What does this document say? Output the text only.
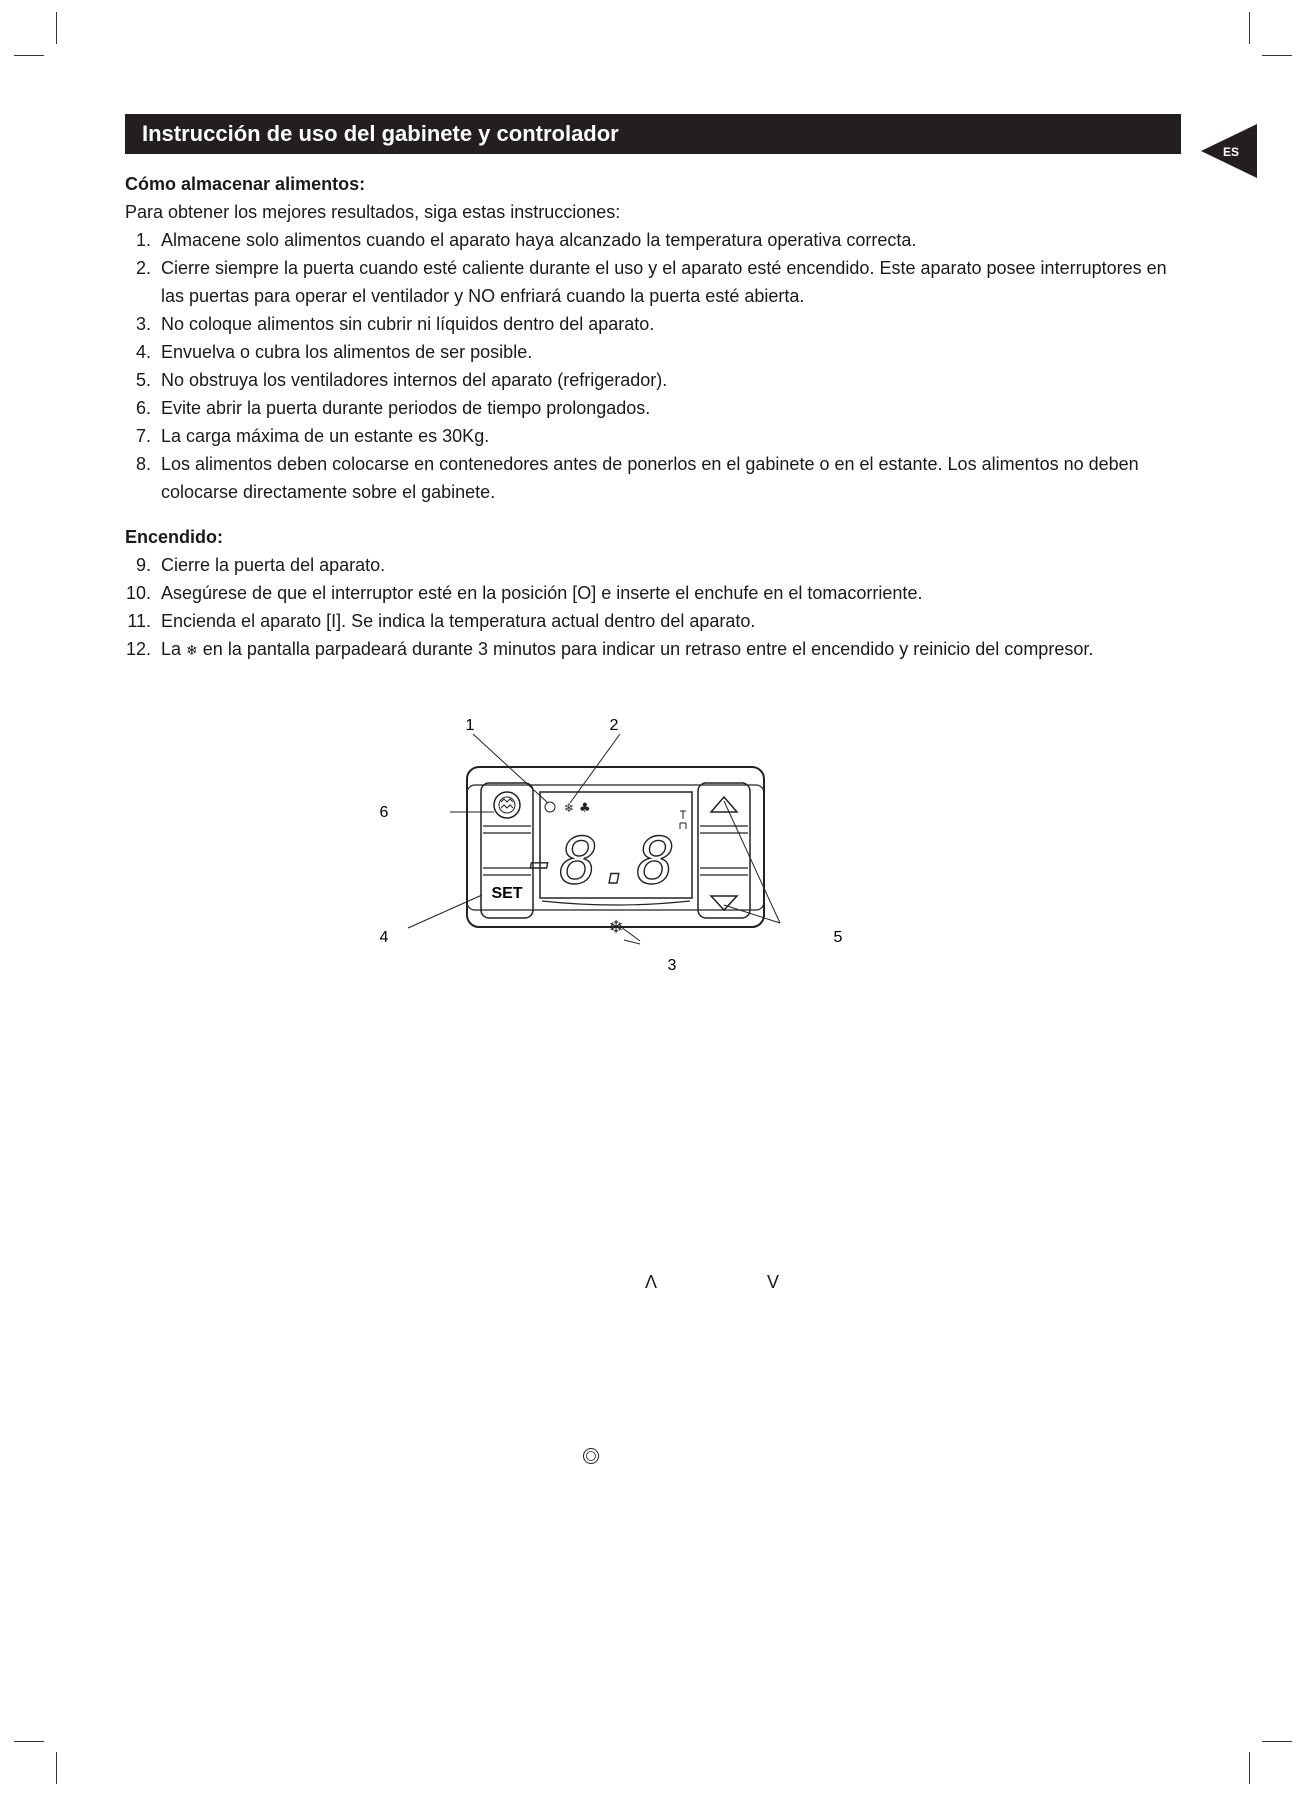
Instrucción de uso del gabinete y controlador
ES

Cómo almacenar alimentos:

Para obtener los mejores resultados, siga estas instrucciones:

1. Almacene solo alimentos cuando el aparato haya alcanzado la temperatura operativa correcta.
2. Cierre siempre la puerta cuando esté caliente durante el uso y el aparato esté encendido. Este aparato posee interruptores en las puertas para operar el ventilador y NO enfriará cuando la puerta esté abierta.
3. No coloque alimentos sin cubrir ni líquidos dentro del aparato.
4. Envuelva o cubra los alimentos de ser posible.
5. No obstruya los ventiladores internos del aparato (refrigerador).
6. Evite abrir la puerta durante periodos de tiempo prolongados.
7. La carga máxima de un estante es 30Kg.
8. Los alimentos deben colocarse en contenedores antes de ponerlos en el gabinete o en el estante. Los alimentos no deben colocarse directamente sobre el gabinete.

Encendido:

9. Cierre la puerta del aparato.
10. Asegúrese de que el interruptor esté en la posición [O] e inserte el enchufe en el tomacorriente.
11. Encienda el aparato [I]. Se indica la temperatura actual dentro del aparato.
12. La ❄ en la pantalla parpadeará durante 3 minutos para indicar un retraso entre el encendido y reinicio del compresor.
SET
❄ ♣
-8.8
❄
1	2
3
4	5
6
Λ	V
